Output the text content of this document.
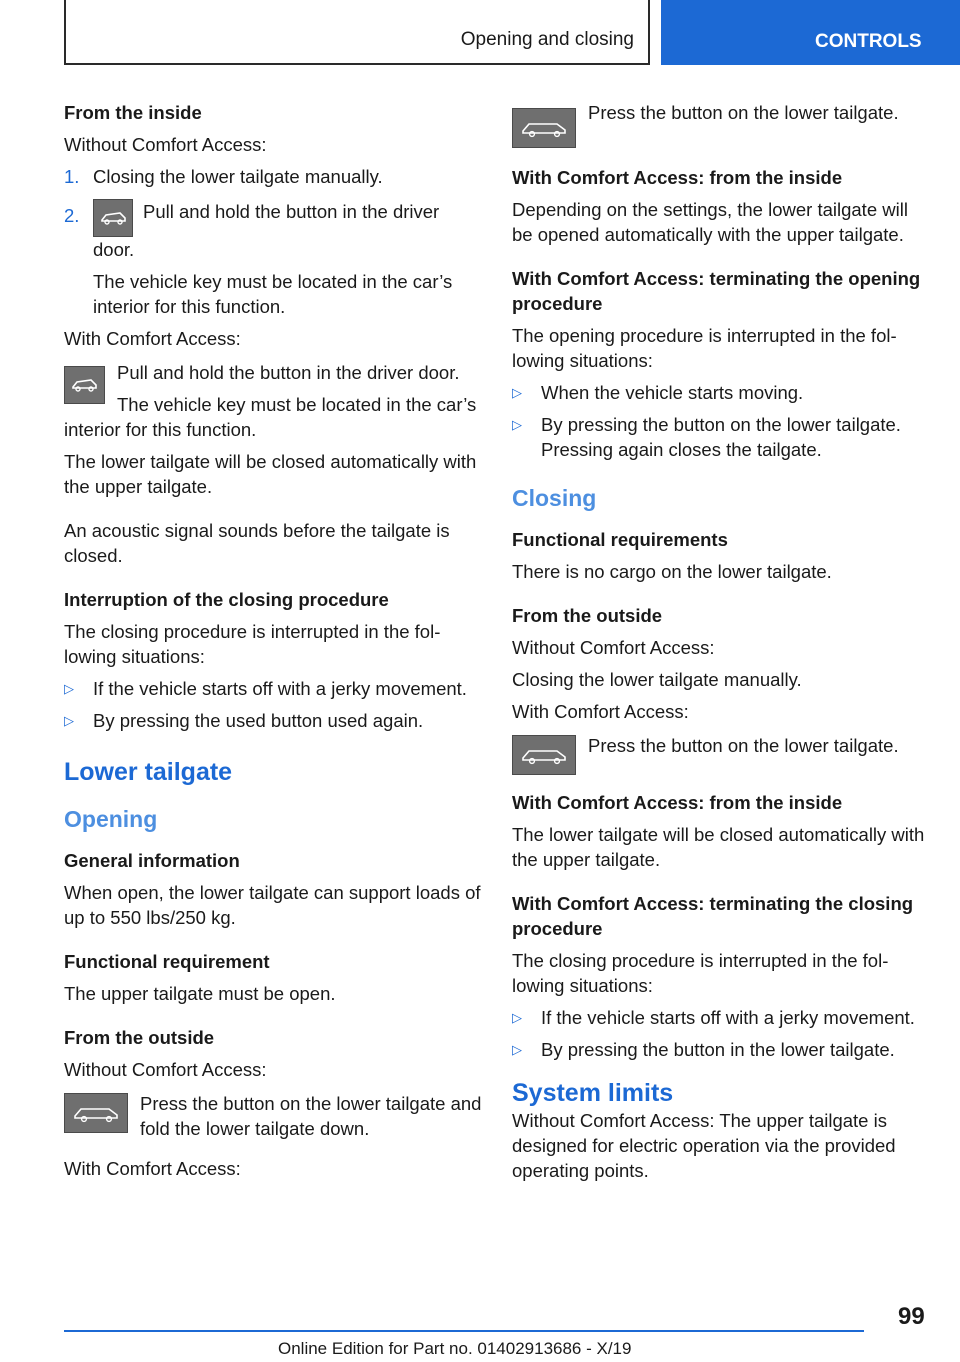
Opening and closing	CONTROLS
From the inside
Without Comfort Access:
1. Closing the lower tailgate manually.
2.	Pull and hold the button in the driver door.
The vehicle key must be located in the car’s interior for this function.
With Comfort Access:
Pull and hold the button in the driver door.
The vehicle key must be located in the car’s interior for this function.
The lower tailgate will be closed automatically with the upper tailgate.
An acoustic signal sounds before the tailgate is closed.
Interruption of the closing procedure
The closing procedure is interrupted in the following situations:
▷	If the vehicle starts off with a jerky movement.
▷	By pressing the used button used again.
Lower tailgate
Opening
General information
When open, the lower tailgate can support loads of up to 550 lbs/250 kg.
Functional requirement
The upper tailgate must be open.
From the outside
Without Comfort Access:
Press the button on the lower tailgate and fold the lower tailgate down.
With Comfort Access:
Press the button on the lower tailgate.
With Comfort Access: from the inside
Depending on the settings, the lower tailgate will be opened automatically with the upper tailgate.
With Comfort Access: terminating the opening procedure
The opening procedure is interrupted in the following situations:
▷	When the vehicle starts moving.
▷	By pressing the button on the lower tailgate. Pressing again closes the tailgate.
Closing
Functional requirements
There is no cargo on the lower tailgate.
From the outside
Without Comfort Access:
Closing the lower tailgate manually.
With Comfort Access:
Press the button on the lower tailgate.
With Comfort Access: from the inside
The lower tailgate will be closed automatically with the upper tailgate.
With Comfort Access: terminating the closing procedure
The closing procedure is interrupted in the following situations:
▷	If the vehicle starts off with a jerky movement.
▷	By pressing the button in the lower tailgate.
System limits
Without Comfort Access: The upper tailgate is designed for electric operation via the provided operating points.
99
Online Edition for Part no. 01402913686 - X/19
